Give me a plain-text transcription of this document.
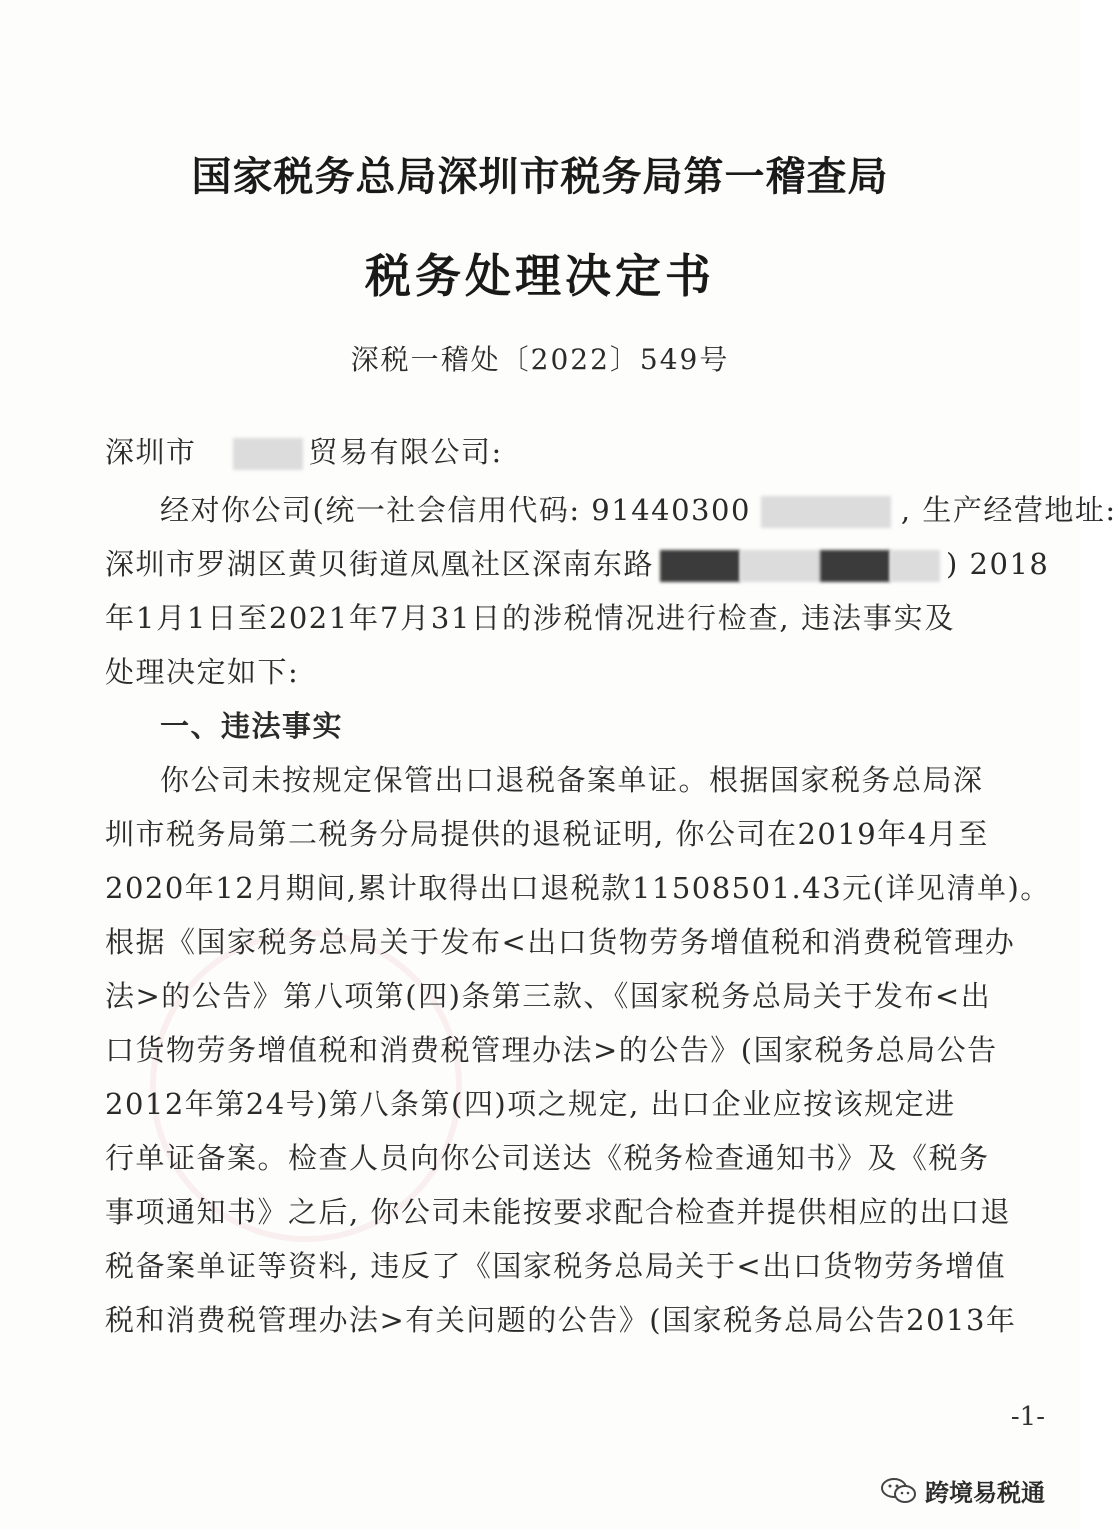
国家税务总局深圳市税务局第一稽查局
税务处理决定书
深税一稽处〔2022〕549号
深圳市	贸易有限公司:
经对你公司(统一社会信用代码: 91440300	, 生产经营地址:
深圳市罗湖区黄贝街道凤凰社区深南东路	) 2018
年1月1日至2021年7月31日的涉税情况进行检查, 违法事实及
处理决定如下:
一、违法事实
你公司未按规定保管出口退税备案单证。根据国家税务总局深
圳市税务局第二税务分局提供的退税证明, 你公司在2019年4月至
2020年12月期间,累计取得出口退税款11508501.43元(详见清单)。
根据《国家税务总局关于发布<出口货物劳务增值税和消费税管理办
法>的公告》第八项第(四)条第三款、《国家税务总局关于发布<出
口货物劳务增值税和消费税管理办法>的公告》(国家税务总局公告
2012年第24号)第八条第(四)项之规定, 出口企业应按该规定进
行单证备案。检查人员向你公司送达《税务检查通知书》及《税务
事项通知书》之后, 你公司未能按要求配合检查并提供相应的出口退
税备案单证等资料, 违反了《国家税务总局关于<出口货物劳务增值
税和消费税管理办法>有关问题的公告》(国家税务总局公告2013年
-1-
跨境易税通
